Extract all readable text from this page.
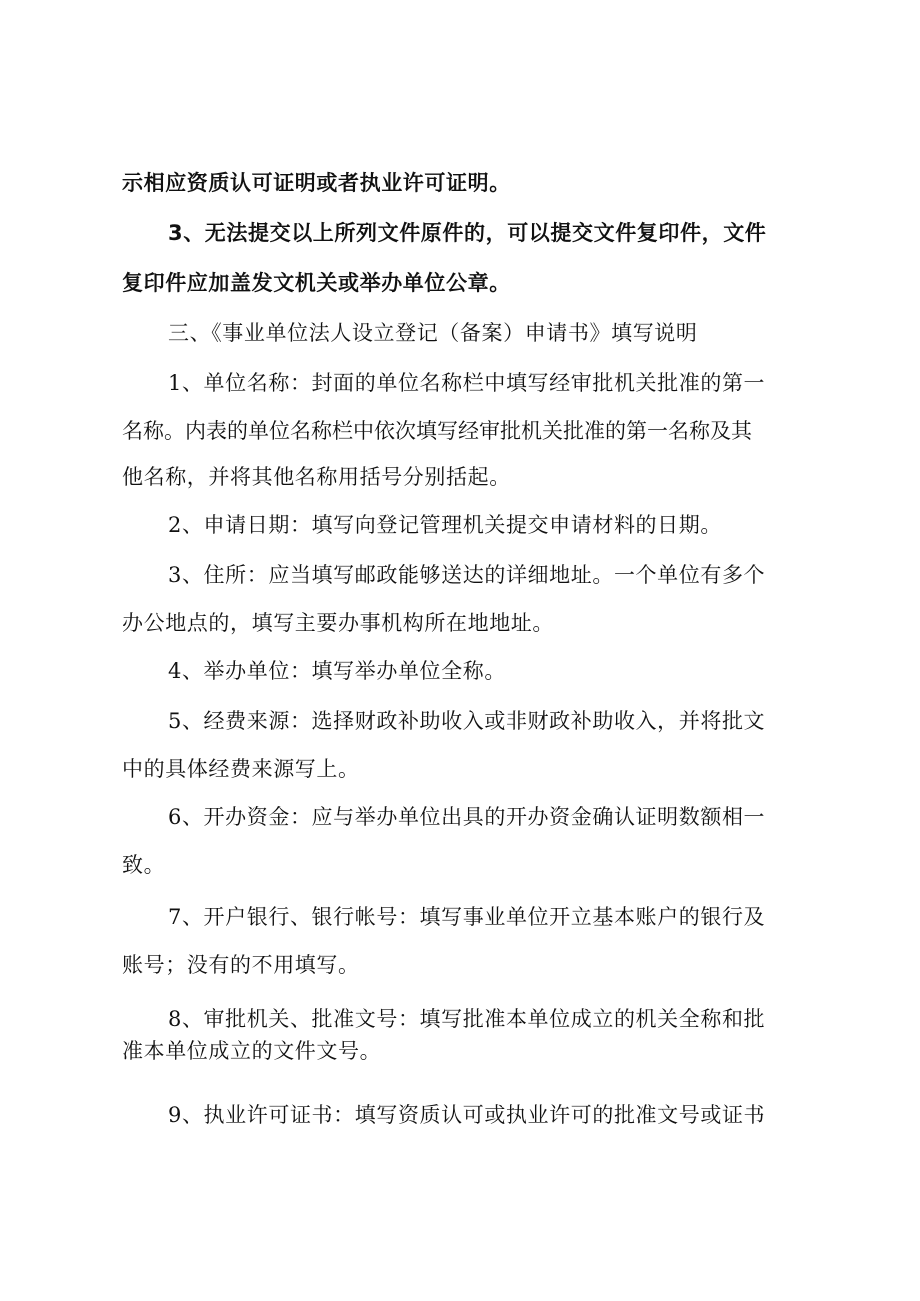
示相应资质认可证明或者执业许可证明。
3、无法提交以上所列文件原件的，可以提交文件复印件，文件
复印件应加盖发文机关或举办单位公章。
三、《事业单位法人设立登记（备案）申请书》填写说明
1、单位名称：封面的单位名称栏中填写经审批机关批准的第一
名称。内表的单位名称栏中依次填写经审批机关批准的第一名称及其
他名称，并将其他名称用括号分别括起。
2、申请日期：填写向登记管理机关提交申请材料的日期。
3、住所：应当填写邮政能够送达的详细地址。一个单位有多个
办公地点的，填写主要办事机构所在地地址。
4、举办单位：填写举办单位全称。
5、经费来源：选择财政补助收入或非财政补助收入，并将批文
中的具体经费来源写上。
6、开办资金：应与举办单位出具的开办资金确认证明数额相一
致。
7、开户银行、银行帐号：填写事业单位开立基本账户的银行及
账号；没有的不用填写。
8、审批机关、批准文号：填写批准本单位成立的机关全称和批
准本单位成立的文件文号。
9、执业许可证书：填写资质认可或执业许可的批准文号或证书
